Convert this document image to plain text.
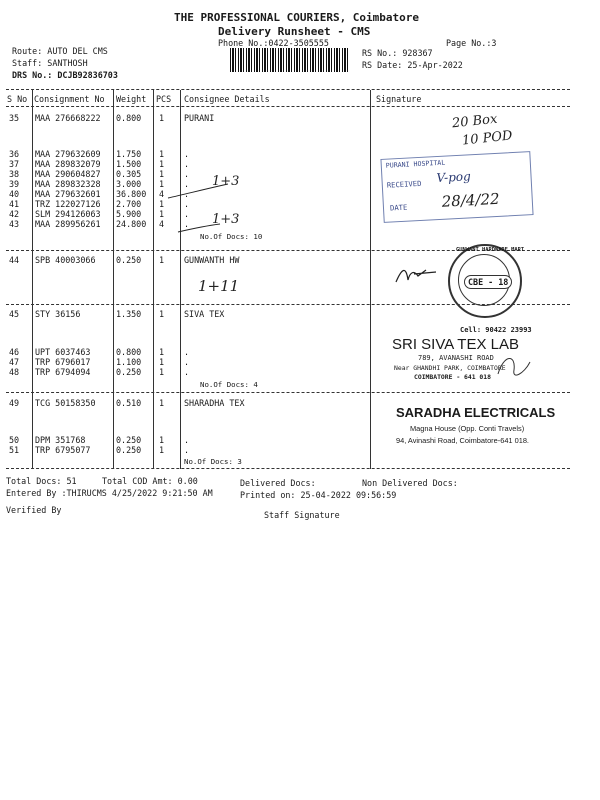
THE PROFESSIONAL COURIERS, Coimbatore
Delivery Runsheet - CMS
Phone No.:0422-3505555	Page No.:3
Route: AUTO DEL CMS
Staff: SANTHOSH
DRS No.: DCJB92836703
RS No.: 928367
RS Date: 25-Apr-2022
S No Consignment No Weight PCS Consignee Details	Signature
35 MAA 276668222 0.800 1 PURANI
36 MAA 279632609 1.750 1 .
37 MAA 289832079 1.500 1 .
38 MAA 290604827 0.305 1 .
39 MAA 289832328 3.000 1 .
40 MAA 279632601 36.800 4 .
41 TRZ 122027126 2.700 1 .
42 SLM 294126063 5.900 1 .
43 MAA 289956261 24.800 4 .
No.Of Docs: 10
20 Box
10 POD
1+3
1+3
PURANI HOSPITAL
RECEIVED V-pog
DATE 28/4/22
44 SPB 40003066 0.250 1 GUNWANTH HW
1+11
GUNWANT HARDWARE MART
CBE - 18
45 STY 36156	1.350 1 SIVA TEX
46 UPT 6037463	0.800 1 .
47 TRP 6796017	1.100 1 .
48 TRP 6794094	0.250 1 .
No.Of Docs: 4
Cell: 90422 23993
SRI SIVA TEX LAB
789, AVANASHI ROAD
Near GHANDHI PARK, COIMBATORE
COIMBATORE - 641 018
49 TCG 50158350 0.510 1 SHARADHA TEX
50 DPM 351768	0.250 1 .
51 TRP 6795077	0.250 1 .
No.Of Docs: 3
SARADHA ELECTRICALS
Magna House (Opp. Conti Travels)
94, Avinashi Road, Coimbatore-641 018.
Total Docs: 51	Total COD Amt: 0.00	Delivered Docs:	Non Delivered Docs:
Entered By :THIRUCMS 4/25/2022 9:21:50 AM	Printed on: 25-04-2022 09:56:59
Verified By	Staff Signature
